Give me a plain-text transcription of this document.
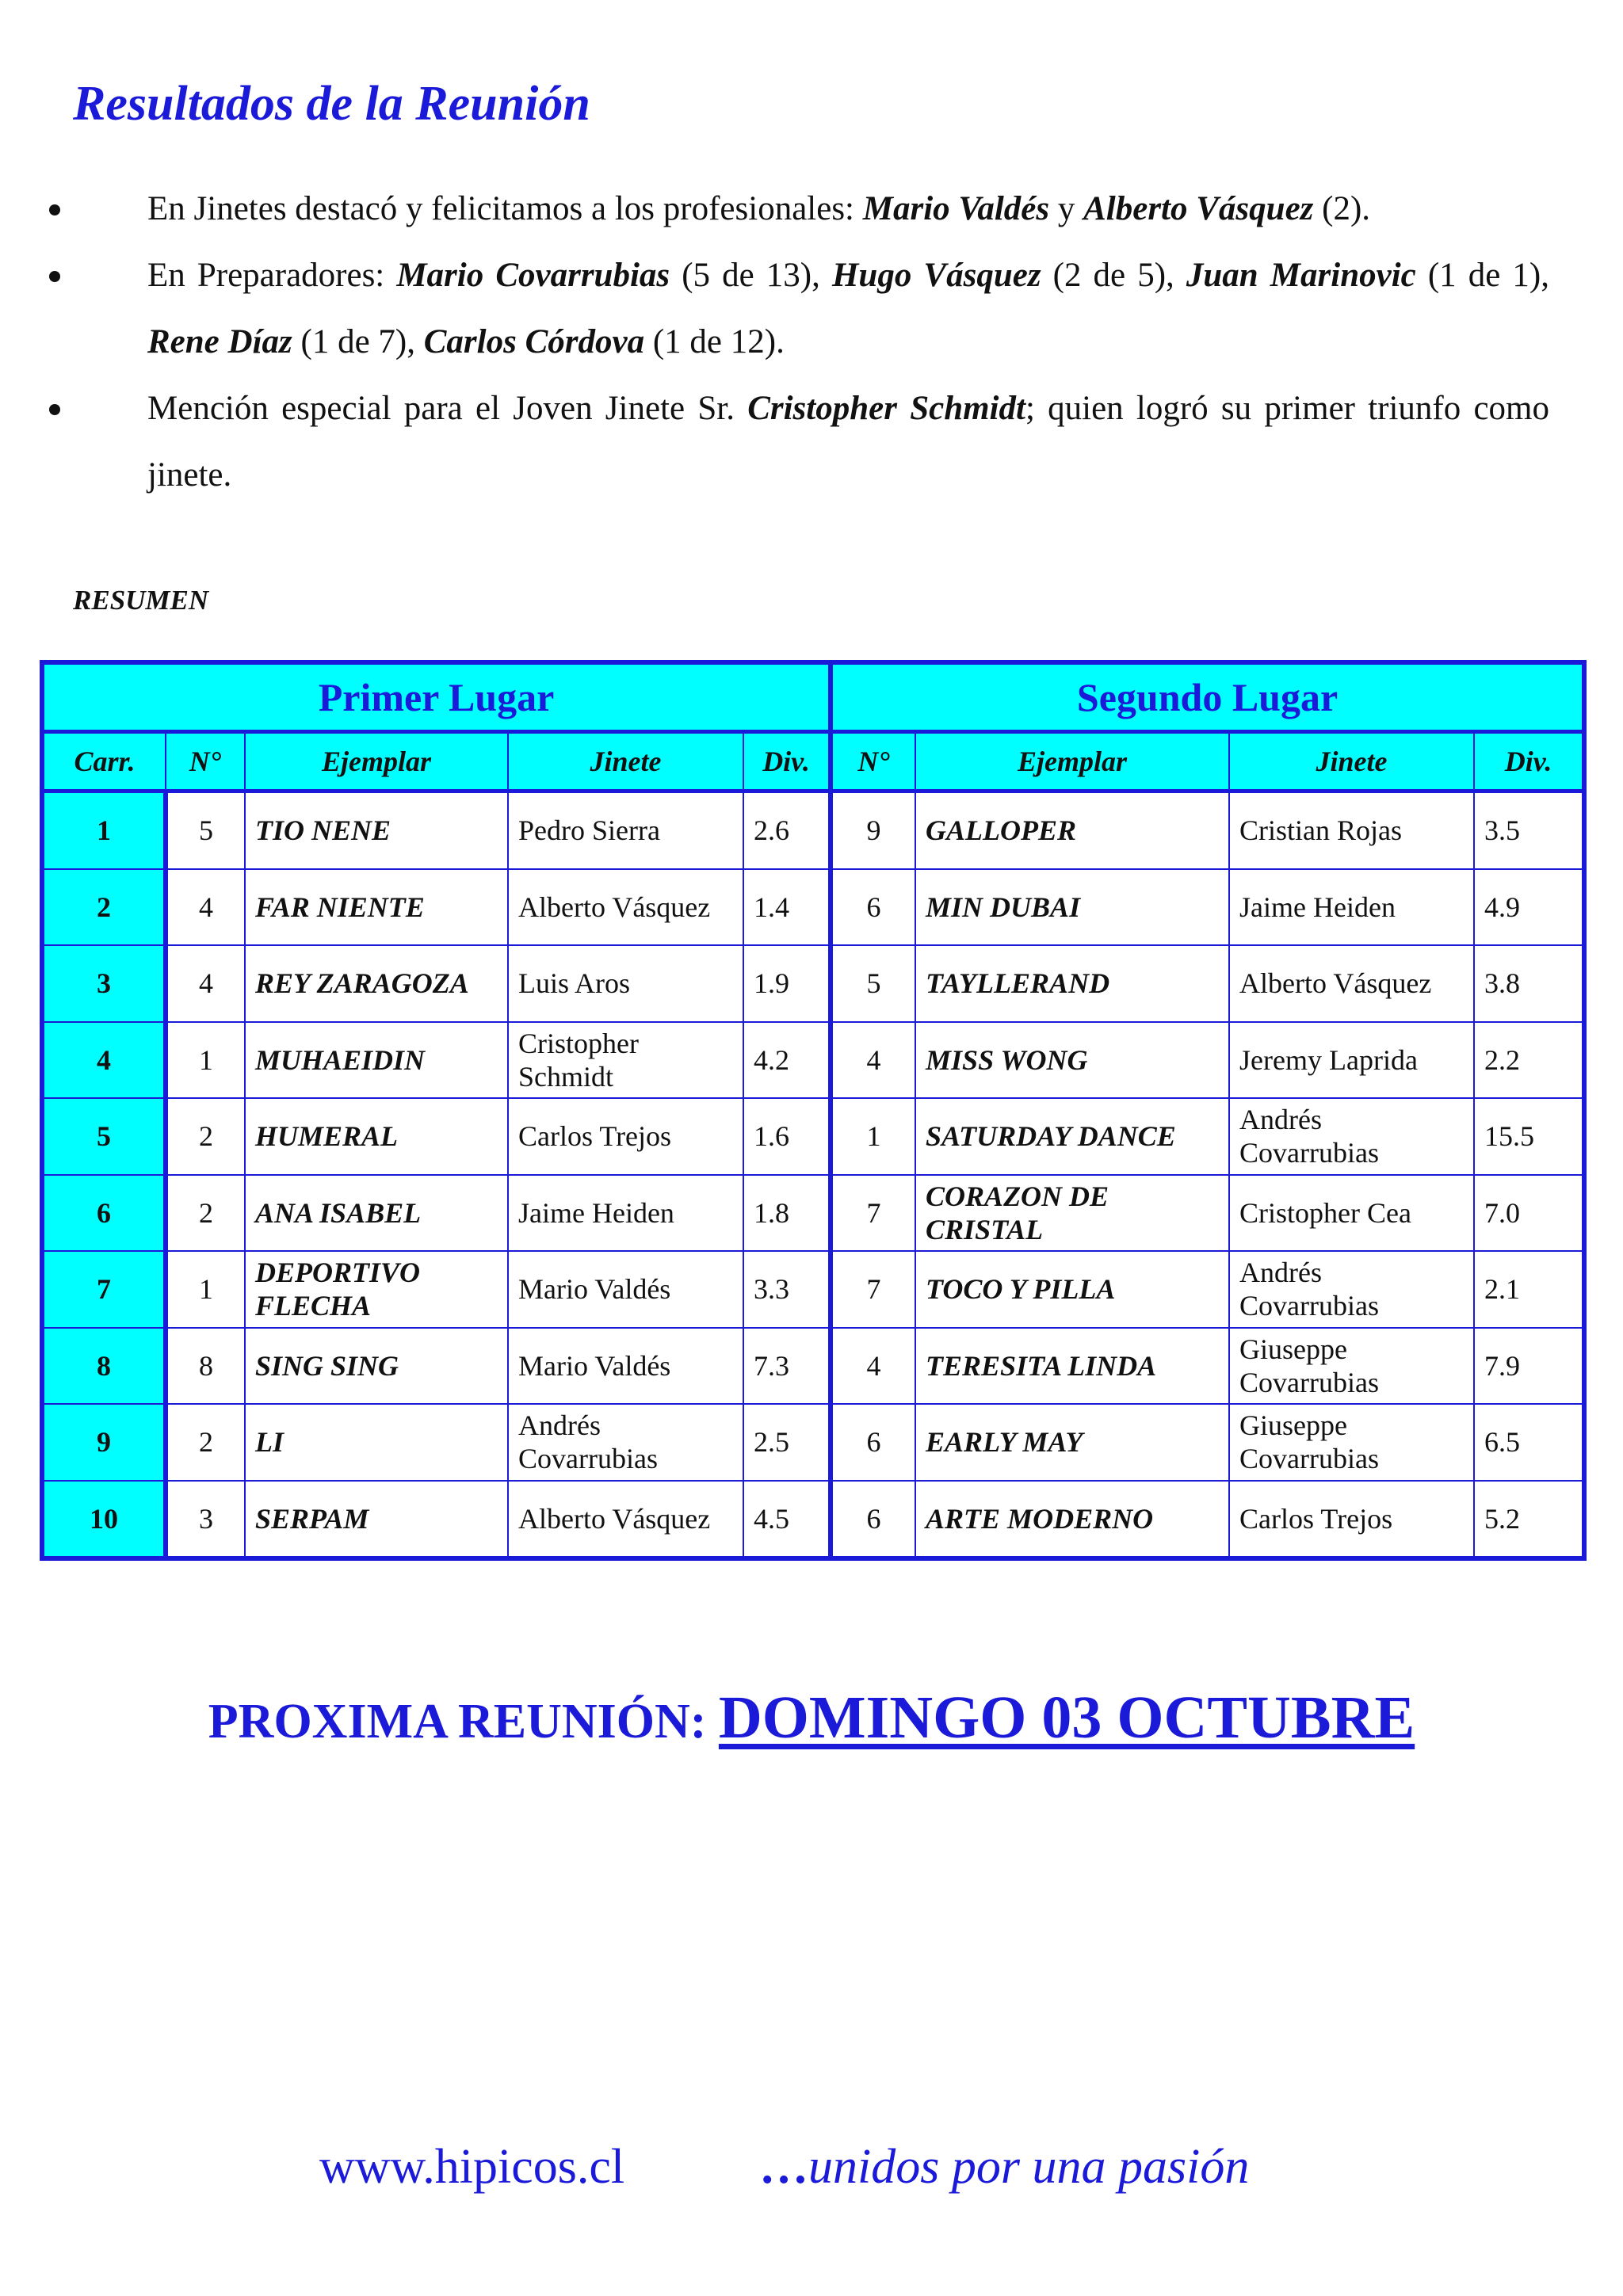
Resultados de la Reunión
En Jinetes destacó y felicitamos a los profesionales: Mario Valdés y Alberto Vásquez (2).
En Preparadores: Mario Covarrubias (5 de 13), Hugo Vásquez (2 de 5), Juan Marinovic (1 de 1), Rene Díaz (1 de 7), Carlos Córdova (1 de 12).
Mención especial para el Joven Jinete Sr. Cristopher Schmidt; quien logró su primer triunfo como jinete.

RESUMEN

Primer Lugar					Segundo Lugar			
Carr.	N°	Ejemplar	Jinete	Div.	N°	Ejemplar	Jinete	Div.
1	5	TIO NENE	Pedro Sierra	2.6	9	GALLOPER	Cristian Rojas	3.5
2	4	FAR NIENTE	Alberto Vásquez	1.4	6	MIN DUBAI	Jaime Heiden	4.9
3	4	REY ZARAGOZA	Luis Aros	1.9	5	TAYLLERAND	Alberto Vásquez	3.8
4	1	MUHAEIDIN	Cristopher Schmidt	4.2	4	MISS WONG	Jeremy Laprida	2.2
5	2	HUMERAL	Carlos Trejos	1.6	1	SATURDAY DANCE	Andrés Covarrubias	15.5
6	2	ANA ISABEL	Jaime Heiden	1.8	7	CORAZON DE CRISTAL	Cristopher Cea	7.0
7	1	DEPORTIVO FLECHA	Mario Valdés	3.3	7	TOCO Y PILLA	Andrés Covarrubias	2.1
8	8	SING SING	Mario Valdés	7.3	4	TERESITA LINDA	Giuseppe Covarrubias	7.9
9	2	LI	Andrés Covarrubias	2.5	6	EARLY MAY	Giuseppe Covarrubias	6.5
10	3	SERPAM	Alberto Vásquez	4.5	6	ARTE MODERNO	Carlos Trejos	5.2

PROXIMA REUNIÓN: DOMINGO 03 OCTUBRE

www.hipicos.cl	…unidos por una pasión
